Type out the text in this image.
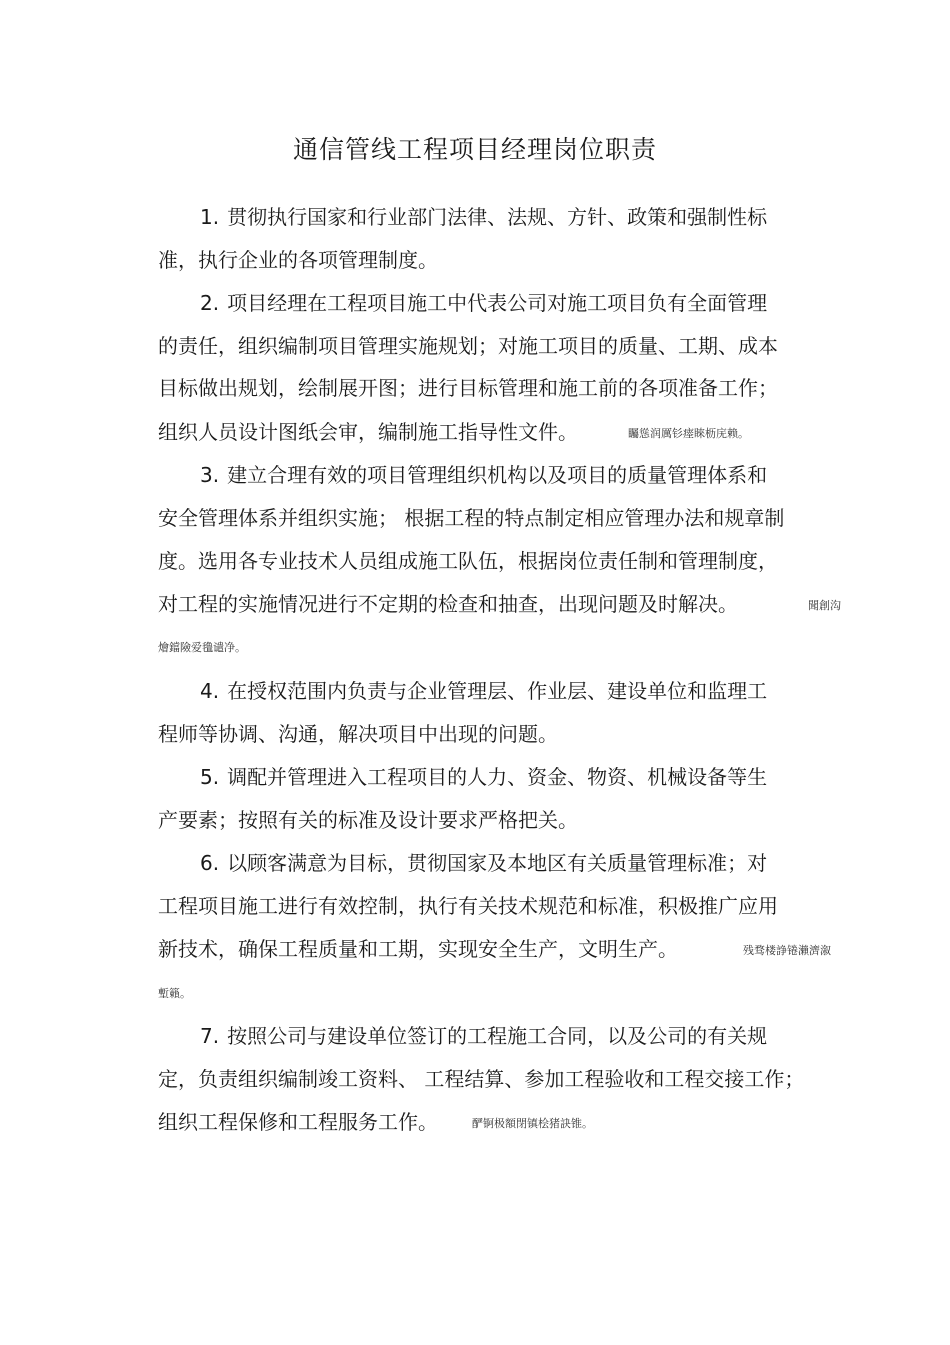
通信管线工程项目经理岗位职责
1. 贯彻执行国家和行业部门法律、法规、方针、政策和强制性标
准，执行企业的各项管理制度。
2. 项目经理在工程项目施工中代表公司对施工项目负有全面管理
的责任，组织编制项目管理实施规划；对施工项目的质量、工期、成本
目标做出规划，绘制展开图；进行目标管理和施工前的各项准备工作；
组织人员设计图纸会审，编制施工指导性文件。	矚慫润厲钐瘗睞枥庑赖。
3. 建立合理有效的项目管理组织机构以及项目的质量管理体系和
安全管理体系并组织实施； 根据工程的特点制定相应管理办法和规章制
度。选用各专业技术人员组成施工队伍，根据岗位责任制和管理制度，
对工程的实施情况进行不定期的检查和抽查，出现问题及时解决。	聞創沟
燴鐺險爱氇谴净。
4. 在授权范围内负责与企业管理层、作业层、建设单位和监理工
程师等协调、沟通，解决项目中出现的问题。
5. 调配并管理进入工程项目的人力、资金、物资、机械设备等生
产要素；按照有关的标准及设计要求严格把关。
6. 以顾客满意为目标，贯彻国家及本地区有关质量管理标准；对
工程项目施工进行有效控制，执行有关技术规范和标准，积极推广应用
新技术，确保工程质量和工期，实现安全生产，文明生产。	残骛楼諍锩瀨濟溆
塹籟。
7. 按照公司与建设单位签订的工程施工合同，以及公司的有关规
定，负责组织编制竣工资料、 工程结算、参加工程验收和工程交接工作；
组织工程保修和工程服务工作。	酽锕极額閉镇桧猪訣锥。
